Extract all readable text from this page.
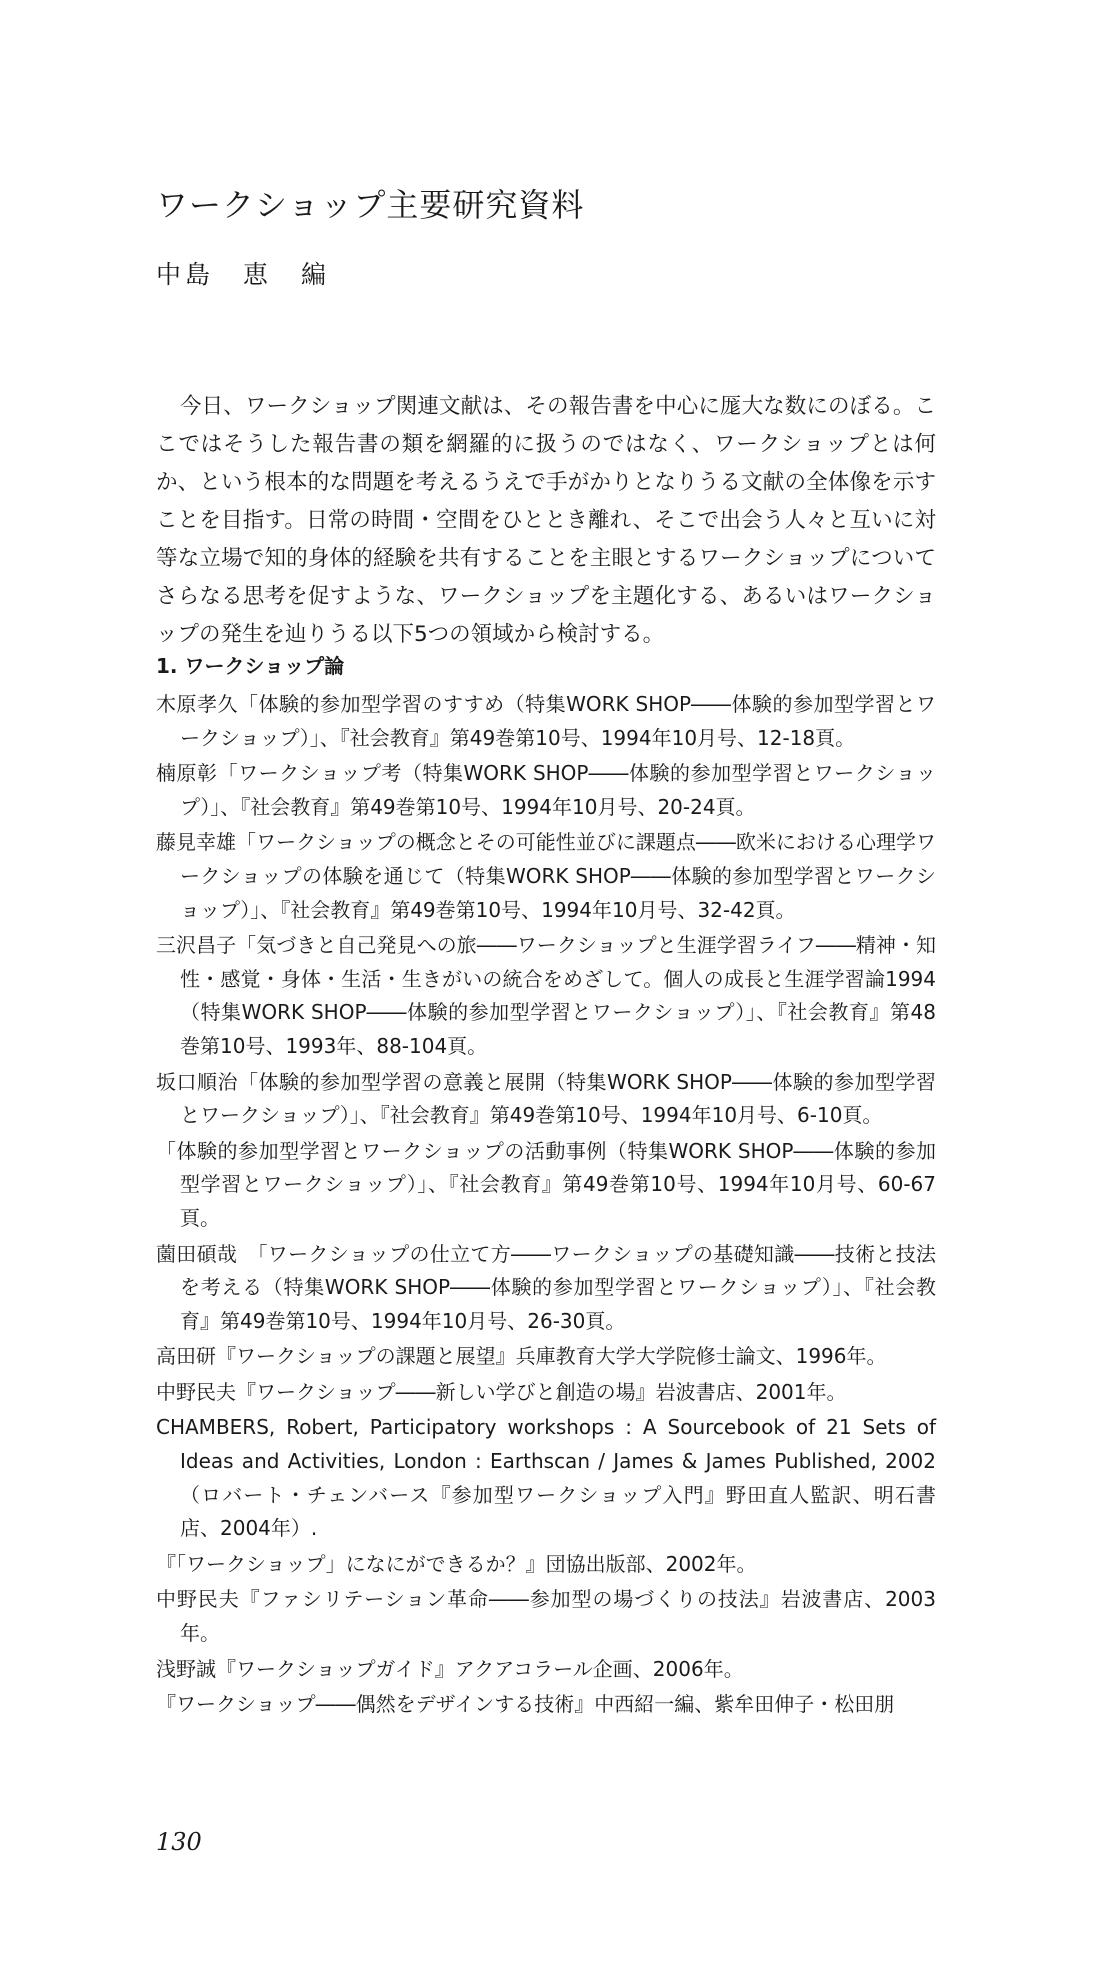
ワークショップ主要研究資料

中島　恵　編

今日、ワークショップ関連文献は、その報告書を中心に厖大な数にのぼる。ここではそうした報告書の類を網羅的に扱うのではなく、ワークショップとは何か、という根本的な問題を考えるうえで手がかりとなりうる文献の全体像を示すことを目指す。日常の時間・空間をひととき離れ、そこで出会う人々と互いに対等な立場で知的身体的経験を共有することを主眼とするワークショップについてさらなる思考を促すような、ワークショップを主題化する、あるいはワークショップの発生を辿りうる以下5つの領域から検討する。

1. ワークショップ論
木原孝久「体験的参加型学習のすすめ（特集WORK SHOP――体験的参加型学習とワークショップ）」、『社会教育』第49巻第10号、1994年10月号、12-18頁。
楠原彰「ワークショップ考（特集WORK SHOP――体験的参加型学習とワークショップ）」、『社会教育』第49巻第10号、1994年10月号、20-24頁。
藤見幸雄「ワークショップの概念とその可能性並びに課題点――欧米における心理学ワークショップの体験を通じて（特集WORK SHOP――体験的参加型学習とワークショップ）」、『社会教育』第49巻第10号、1994年10月号、32-42頁。
三沢昌子「気づきと自己発見への旅――ワークショップと生涯学習ライフ――精神・知性・感覚・身体・生活・生きがいの統合をめざして。個人の成長と生涯学習論1994（特集WORK SHOP――体験的参加型学習とワークショップ）」、『社会教育』第48巻第10号、1993年、88-104頁。
坂口順治「体験的参加型学習の意義と展開（特集WORK SHOP――体験的参加型学習とワークショップ）」、『社会教育』第49巻第10号、1994年10月号、6-10頁。
「体験的参加型学習とワークショップの活動事例（特集WORK SHOP――体験的参加型学習とワークショップ）」、『社会教育』第49巻第10号、1994年10月号、60-67頁。
薗田碩哉　「ワークショップの仕立て方――ワークショップの基礎知識――技術と技法を考える（特集WORK SHOP――体験的参加型学習とワークショップ）」、『社会教育』第49巻第10号、1994年10月号、26-30頁。
高田研『ワークショップの課題と展望』兵庫教育大学大学院修士論文、1996年。
中野民夫『ワークショップ――新しい学びと創造の場』岩波書店、2001年。
CHAMBERS, Robert, Participatory workshops : A Sourcebook of 21 Sets of Ideas and Activities, London : Earthscan / James & James Published, 2002（ロバート・チェンバース『参加型ワークショップ入門』野田直人監訳、明石書店、2004年）.
『「ワークショップ」になにができるか？』団協出版部、2002年。
中野民夫『ファシリテーション革命――参加型の場づくりの技法』岩波書店、2003年。
浅野誠『ワークショップガイド』アクアコラール企画、2006年。
『ワークショップ――偶然をデザインする技術』中西紹一編、紫牟田伸子・松田朋

130
